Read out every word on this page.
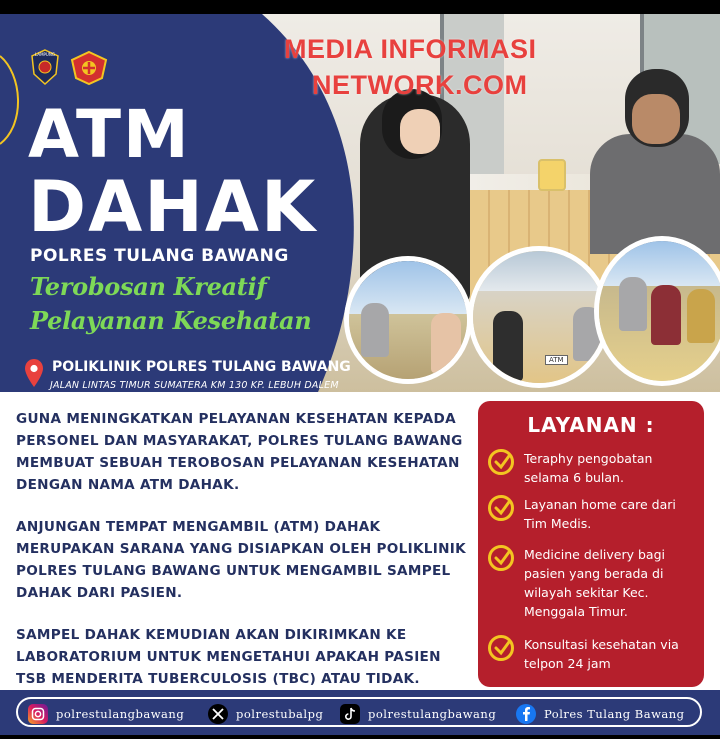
ATM
LAMPUNG	MEDIA INFORMASI
NETWORK.COM
ATM
DAHAK
POLRES TULANG BAWANG
Terobosan Kreatif
Pelayanan Kesehatan
POLIKLINIK POLRES TULANG BAWANG
JALAN LINTAS TIMUR SUMATERA KM 130 KP. LEBUH DALEM
GUNA MENINGKATKAN PELAYANAN KESEHATAN KEPADA PERSONEL DAN MASYARAKAT, POLRES TULANG BAWANG MEMBUAT SEBUAH TEROBOSAN PELAYANAN KESEHATAN DENGAN NAMA ATM DAHAK.
ANJUNGAN TEMPAT MENGAMBIL (ATM) DAHAK MERUPAKAN SARANA YANG DISIAPKAN OLEH POLIKLINIK POLRES TULANG BAWANG UNTUK MENGAMBIL SAMPEL DAHAK DARI PASIEN.
SAMPEL DAHAK KEMUDIAN AKAN DIKIRIMKAN KE LABORATORIUM UNTUK MENGETAHUI APAKAH PASIEN TSB MENDERITA TUBERCULOSIS (TBC) ATAU TIDAK.
LAYANAN :
Teraphy pengobatan selama 6 bulan.
Layanan home care dari Tim Medis.
Medicine delivery bagi pasien yang berada di wilayah sekitar Kec. Menggala Timur.
Konsultasi kesehatan via telpon 24 jam
polrestulangbawang	polrestubalpg	polrestulangbawang	Polres Tulang Bawang
